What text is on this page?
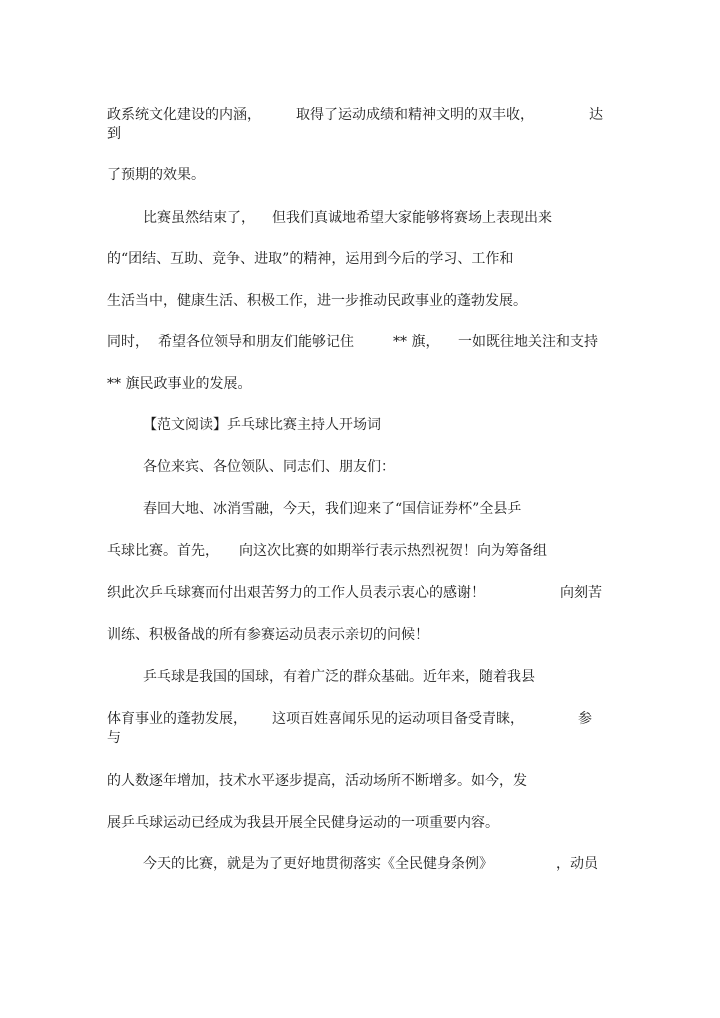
政系统文化建设的内涵，	取得了运动成绩和精神文明的双丰收，	达
到
了预期的效果。
比赛虽然结束了， 但我们真诚地希望大家能够将赛场上表现出来
的“团结、互助、竞争、进取”的精神，运用到今后的学习、工作和
生活当中，健康生活、积极工作，进一步推动民政事业的蓬勃发展。
同时， 希望各位领导和朋友们能够记住	** 旗， 一如既往地关注和支持
** 旗民政事业的发展。
【范文阅读】乒乓球比赛主持人开场词
各位来宾、各位领队、同志们、朋友们：
春回大地、冰消雪融，今天，我们迎来了“国信证券杯”全县乒
乓球比赛。首先， 向这次比赛的如期举行表示热烈祝贺！向为筹备组
织此次乒乓球赛而付出艰苦努力的工作人员表示衷心的感谢！	向刻苦
训练、积极备战的所有参赛运动员表示亲切的问候！
乒乓球是我国的国球，有着广泛的群众基础。近年来，随着我县
体育事业的蓬勃发展， 这项百姓喜闻乐见的运动项目备受青睐，	参
与
的人数逐年增加，技术水平逐步提高，活动场所不断增多。如今，发
展乒乓球运动已经成为我县开展全民健身运动的一项重要内容。
今天的比赛，就是为了更好地贯彻落实《全民健身条例》	，动员
